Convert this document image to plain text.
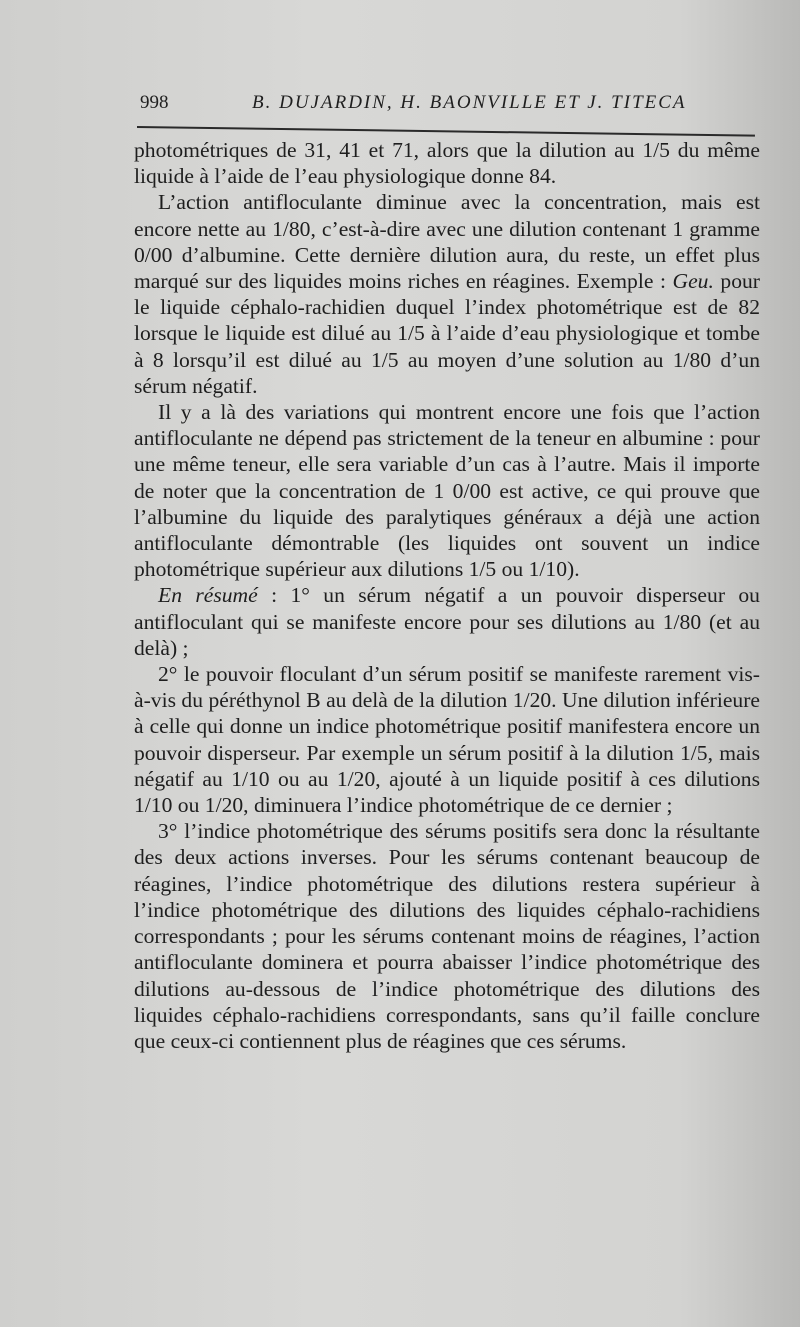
998	B. DUJARDIN, H. BAONVILLE ET J. TITECA

photométriques de 31, 41 et 71, alors que la dilution au 1/5 du même liquide à l’aide de l’eau physiologique donne 84.

L’action antifloculante diminue avec la concentration, mais est encore nette au 1/80, c’est-à-dire avec une dilution contenant 1 gramme 0/00 d’albumine. Cette dernière dilution aura, du reste, un effet plus marqué sur des liquides moins riches en réagines. Exemple : Geu. pour le liquide céphalo-rachidien duquel l’index photométrique est de 82 lorsque le liquide est dilué au 1/5 à l’aide d’eau physiologique et tombe à 8 lorsqu’il est dilué au 1/5 au moyen d’une solution au 1/80 d’un sérum négatif.

Il y a là des variations qui montrent encore une fois que l’action antifloculante ne dépend pas strictement de la teneur en albumine : pour une même teneur, elle sera variable d’un cas à l’autre. Mais il importe de noter que la concentration de 1 0/00 est active, ce qui prouve que l’albumine du liquide des paralytiques généraux a déjà une action antifloculante démontrable (les liquides ont souvent un indice photométrique supérieur aux dilutions 1/5 ou 1/10).

En résumé : 1° un sérum négatif a un pouvoir disperseur ou antifloculant qui se manifeste encore pour ses dilutions au 1/80 (et au delà) ;

2° le pouvoir floculant d’un sérum positif se manifeste rarement vis-à-vis du péréthynol B au delà de la dilution 1/20. Une dilution inférieure à celle qui donne un indice photométrique positif manifestera encore un pouvoir disperseur. Par exemple un sérum positif à la dilution 1/5, mais négatif au 1/10 ou au 1/20, ajouté à un liquide positif à ces dilutions 1/10 ou 1/20, diminuera l’indice photométrique de ce dernier ;

3° l’indice photométrique des sérums positifs sera donc la résultante des deux actions inverses. Pour les sérums contenant beaucoup de réagines, l’indice photométrique des dilutions restera supérieur à l’indice photométrique des dilutions des liquides céphalo-rachidiens correspondants ; pour les sérums contenant moins de réagines, l’action antifloculante dominera et pourra abaisser l’indice photométrique des dilutions au-dessous de l’indice photométrique des dilutions des liquides céphalo-rachidiens correspondants, sans qu’il faille conclure que ceux-ci contiennent plus de réagines que ces sérums.
